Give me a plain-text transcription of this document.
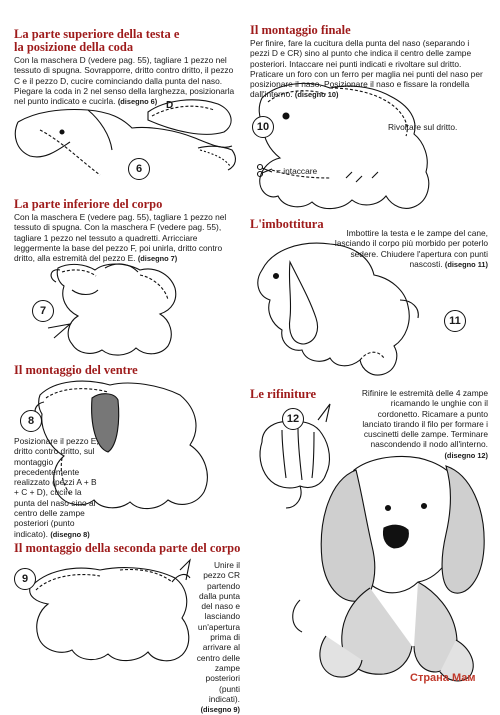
La parte superiore della testa e
la posizione della coda
Con la maschera D (vedere pag. 55), tagliare 1 pezzo nel tessuto di spugna. Sovrapporre, dritto contro dritto, il pezzo C e il pezzo D, cucire cominciando dalla punta del naso. Piegare la coda in 2 nel senso della larghezza, posizionarla nel punto indicato e cucirla. (disegno 6) D
6
La parte inferiore del corpo
Con la maschera E (vedere pag. 55), tagliare 1 pezzo nel tessuto di spugna. Con la maschera F (vedere pag. 55), tagliare 1 pezzo nel tessuto a quadretti. Arricciare leggermente la base del pezzo F, poi unirla, dritto contro dritto, alla estremità del pezzo E. (disegno 7)
7
Il montaggio del ventre
8
Posizionare il pezzo E, dritto contro dritto, sul montaggio precedentemente realizzato (pezzi A + B + C + D), cucire la punta del naso sino al centro delle zampe posteriori (punto indicato). (disegno 8)
Il montaggio della seconda parte del corpo
9
Unire il pezzo CR partendo dalla punta del naso e lasciando un'apertura prima di arrivare al centro delle zampe posteriori (punti indicati). (disegno 9)
Il montaggio finale
Per finire, fare la cucitura della punta del naso (separando i pezzi D e CR) sino al punto che indica il centro delle zampe posteriori. Intaccare nei punti indicati e rivoltare sul dritto. Praticare un foro con un ferro per maglia nei punti del naso per posizionare il naso. Posizionare il naso e fissare la rondella dall'interno. (disegno 10)
Rivoltare sul dritto.
10
= intaccare
L'imbottitura
Imbottire la testa e le zampe del cane, lasciando il corpo più morbido per poterlo sedere. Chiudere l'apertura con punti nascosti. (disegno 11)
11
Le rifiniture	Rifinire le estremità delle 4 zampe ricamando le unghie con il cordonetto. Ricamare a punto lanciato tirando il filo per formare i cuscinetti delle zampe. Terminare nascondendo il nodo all'interno. (disegno 12)
12
Страна Мам
